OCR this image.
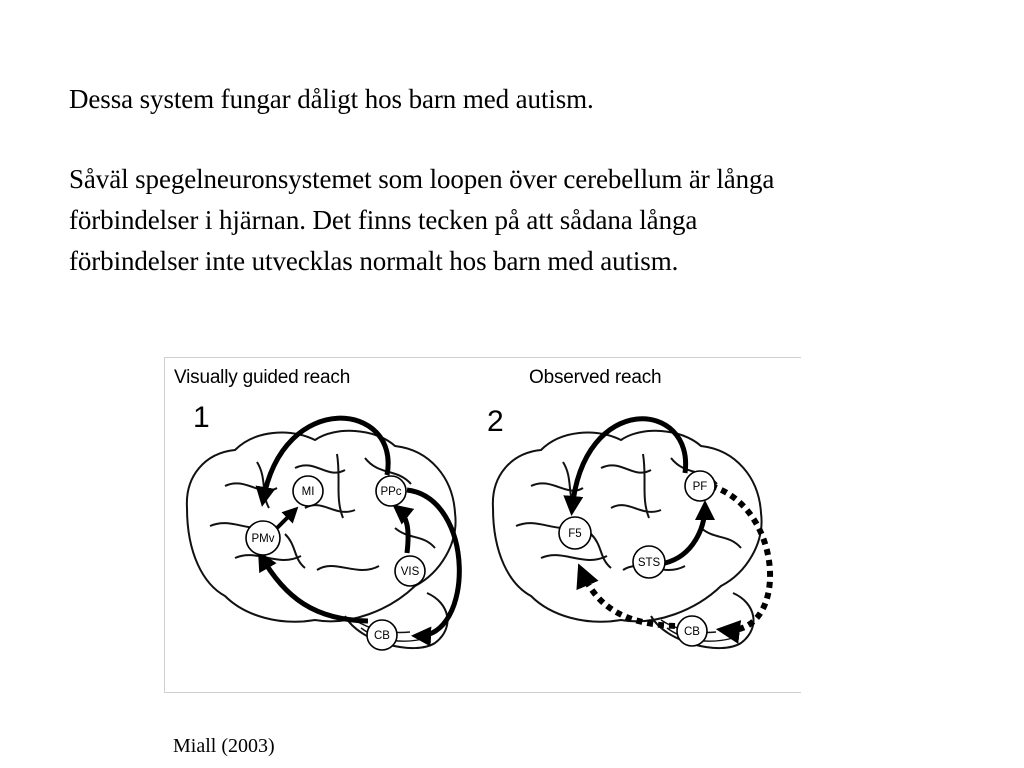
Dessa system fungar dåligt hos barn med autism.

Såväl spegelneuronsystemet som loopen över cerebellum är långa
förbindelser i hjärnan. Det finns tecken på att sådana långa
förbindelser inte utvecklas normalt hos barn med autism.

1
MI	PPc
PMv
VIS
CB
2
PF
F5
STS
CB
Visually guided reach	Observed reach
Miall (2003)
